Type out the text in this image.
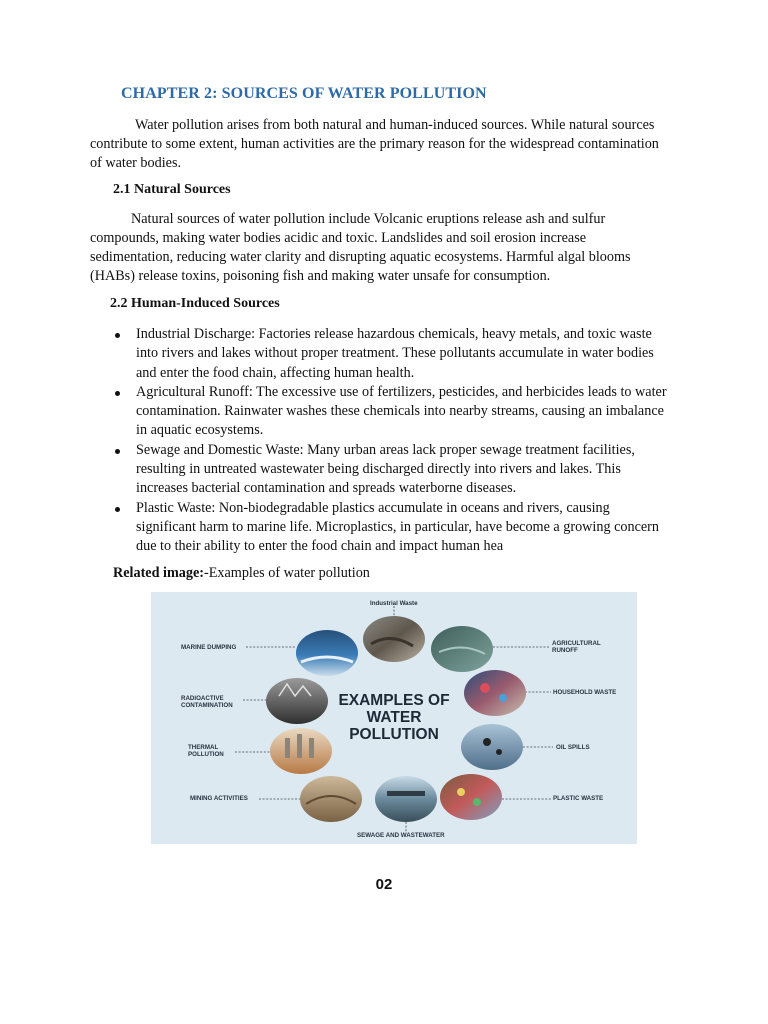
CHAPTER 2: SOURCES OF WATER POLLUTION

Water pollution arises from both natural and human-induced sources. While natural sources contribute to some extent, human activities are the primary reason for the widespread contamination of water bodies.

2.1 Natural Sources

Natural sources of water pollution include Volcanic eruptions release ash and sulfur compounds, making water bodies acidic and toxic. Landslides and soil erosion increase sedimentation, reducing water clarity and disrupting aquatic ecosystems. Harmful algal blooms (HABs) release toxins, poisoning fish and making water unsafe for consumption.

2.2 Human-Induced Sources
Industrial Discharge: Factories release hazardous chemicals, heavy metals, and toxic waste into rivers and lakes without proper treatment. These pollutants accumulate in water bodies and enter the food chain, affecting human health.
Agricultural Runoff: The excessive use of fertilizers, pesticides, and herbicides leads to water contamination. Rainwater washes these chemicals into nearby streams, causing an imbalance in aquatic ecosystems.
Sewage and Domestic Waste: Many urban areas lack proper sewage treatment facilities, resulting in untreated wastewater being discharged directly into rivers and lakes. This increases bacterial contamination and spreads waterborne diseases.
Plastic Waste: Non-biodegradable plastics accumulate in oceans and rivers, causing significant harm to marine life. Microplastics, in particular, have become a growing concern due to their ability to enter the food chain and impact human hea

Related image:-Examples of water pollution

EXAMPLES OF
WATER
POLLUTION
Industrial Waste
MARINE DUMPING
AGRICULTURAL
RUNOFF
HOUSEHOLD WASTE
RADIOACTIVE
CONTAMINATION
OIL SPILLS
THERMAL
POLLUTION
MINING ACTIVITIES	PLASTIC WASTE
SEWAGE AND WASTEWATER

02
